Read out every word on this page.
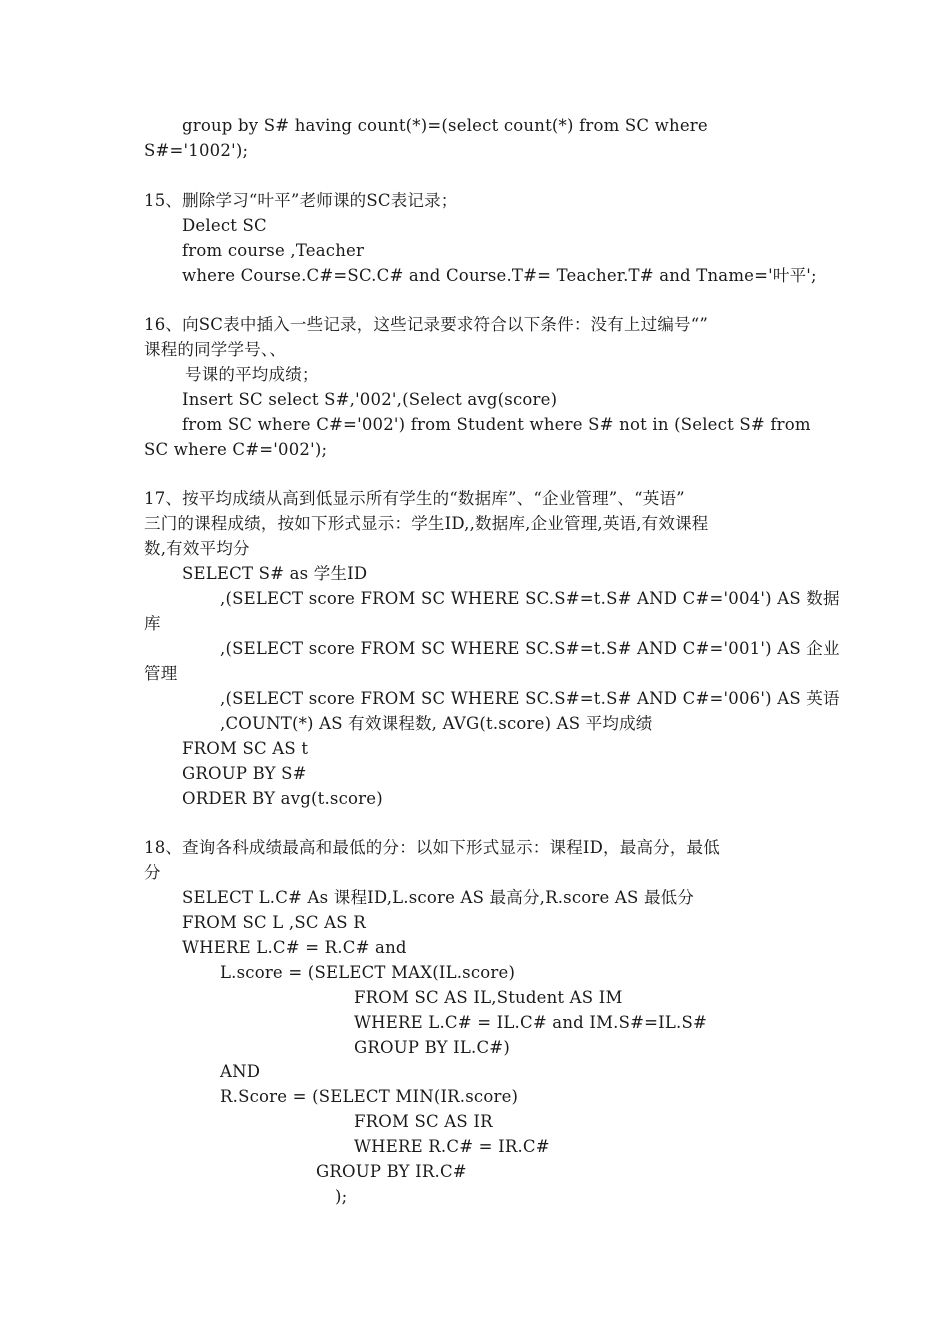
group by S# having count(*)=(select count(*) from SC where
S#='1002');
15、删除学习“叶平”老师课的SC表记录；
Delect SC
from course ,Teacher
where Course.C#=SC.C# and Course.T#= Teacher.T# and Tname='叶平';
16、向SC表中插入一些记录，这些记录要求符合以下条件：没有上过编号“”
课程的同学学号、、
号课的平均成绩；
Insert SC select S#,'002',(Select avg(score)
from SC where C#='002') from Student where S# not in (Select S# from
SC where C#='002');
17、按平均成绩从高到低显示所有学生的“数据库”、“企业管理”、“英语”
三门的课程成绩，按如下形式显示：学生ID,,数据库,企业管理,英语,有效课程
数,有效平均分
SELECT S# as 学生ID
,(SELECT score FROM SC WHERE SC.S#=t.S# AND C#='004') AS 数据
库
,(SELECT score FROM SC WHERE SC.S#=t.S# AND C#='001') AS 企业
管理
,(SELECT score FROM SC WHERE SC.S#=t.S# AND C#='006') AS 英语
,COUNT(*) AS 有效课程数, AVG(t.score) AS 平均成绩
FROM SC AS t
GROUP BY S#
ORDER BY avg(t.score)
18、查询各科成绩最高和最低的分：以如下形式显示：课程ID，最高分，最低
分
SELECT L.C# As 课程ID,L.score AS 最高分,R.score AS 最低分
FROM SC L ,SC AS R
WHERE L.C# = R.C# and
L.score = (SELECT MAX(IL.score)
FROM SC AS IL,Student AS IM
WHERE L.C# = IL.C# and IM.S#=IL.S#
GROUP BY IL.C#)
AND
R.Score = (SELECT MIN(IR.score)
FROM SC AS IR
WHERE R.C# = IR.C#
GROUP BY IR.C#
);
